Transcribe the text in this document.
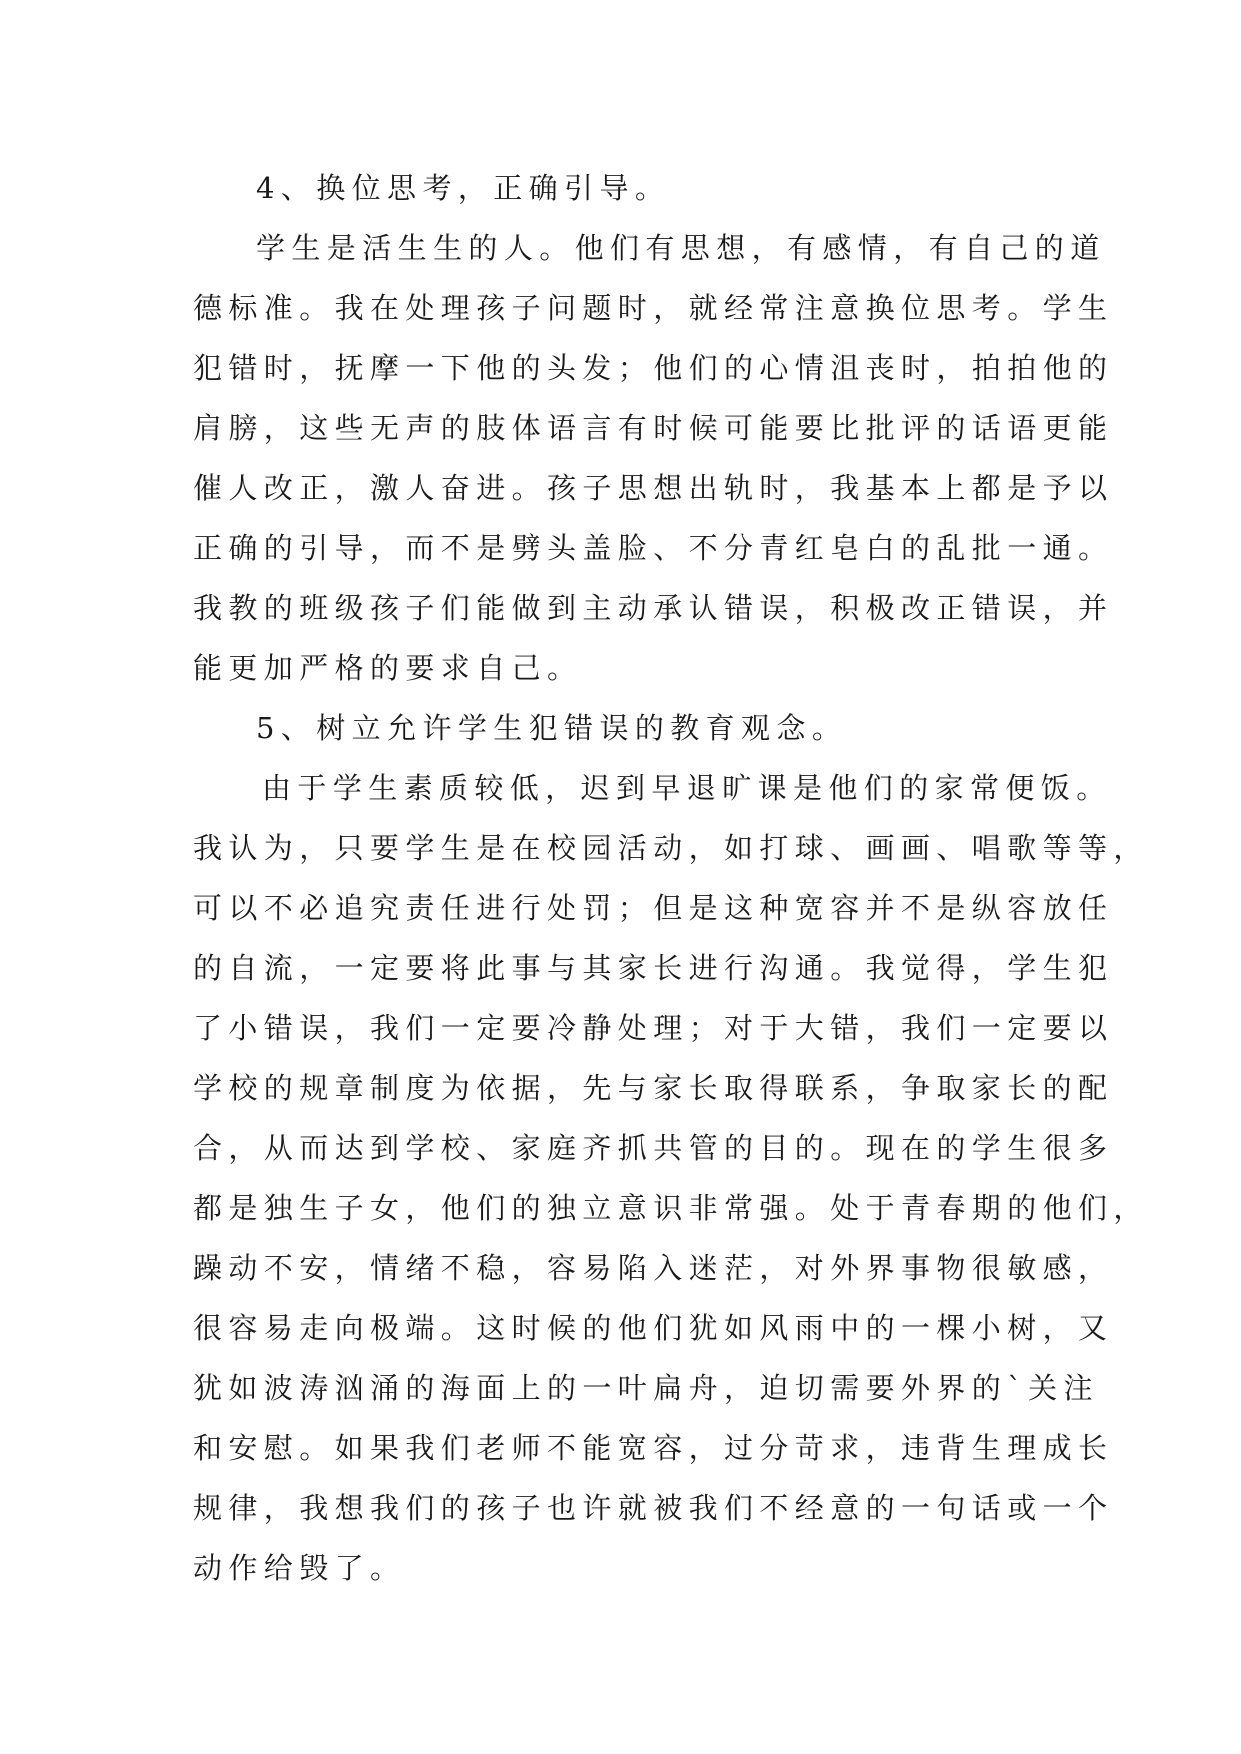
4、换位思考，正确引导。
学生是活生生的人。他们有思想，有感情，有自己的道
德标准。我在处理孩子问题时，就经常注意换位思考。学生
犯错时，抚摩一下他的头发；他们的心情沮丧时，拍拍他的
肩膀，这些无声的肢体语言有时候可能要比批评的话语更能
催人改正，激人奋进。孩子思想出轨时，我基本上都是予以
正确的引导，而不是劈头盖脸、不分青红皂白的乱批一通。
我教的班级孩子们能做到主动承认错误，积极改正错误，并
能更加严格的要求自己。
5、树立允许学生犯错误的教育观念。
由于学生素质较低，迟到早退旷课是他们的家常便饭。
我认为，只要学生是在校园活动，如打球、画画、唱歌等等，
可以不必追究责任进行处罚；但是这种宽容并不是纵容放任
的自流，一定要将此事与其家长进行沟通。我觉得，学生犯
了小错误，我们一定要冷静处理；对于大错，我们一定要以
学校的规章制度为依据，先与家长取得联系，争取家长的配
合，从而达到学校、家庭齐抓共管的目的。现在的学生很多
都是独生子女，他们的独立意识非常强。处于青春期的他们，
躁动不安，情绪不稳，容易陷入迷茫，对外界事物很敏感，
很容易走向极端。这时候的他们犹如风雨中的一棵小树，又
犹如波涛汹涌的海面上的一叶扁舟，迫切需要外界的`关注
和安慰。如果我们老师不能宽容，过分苛求，违背生理成长
规律，我想我们的孩子也许就被我们不经意的一句话或一个
动作给毁了。
